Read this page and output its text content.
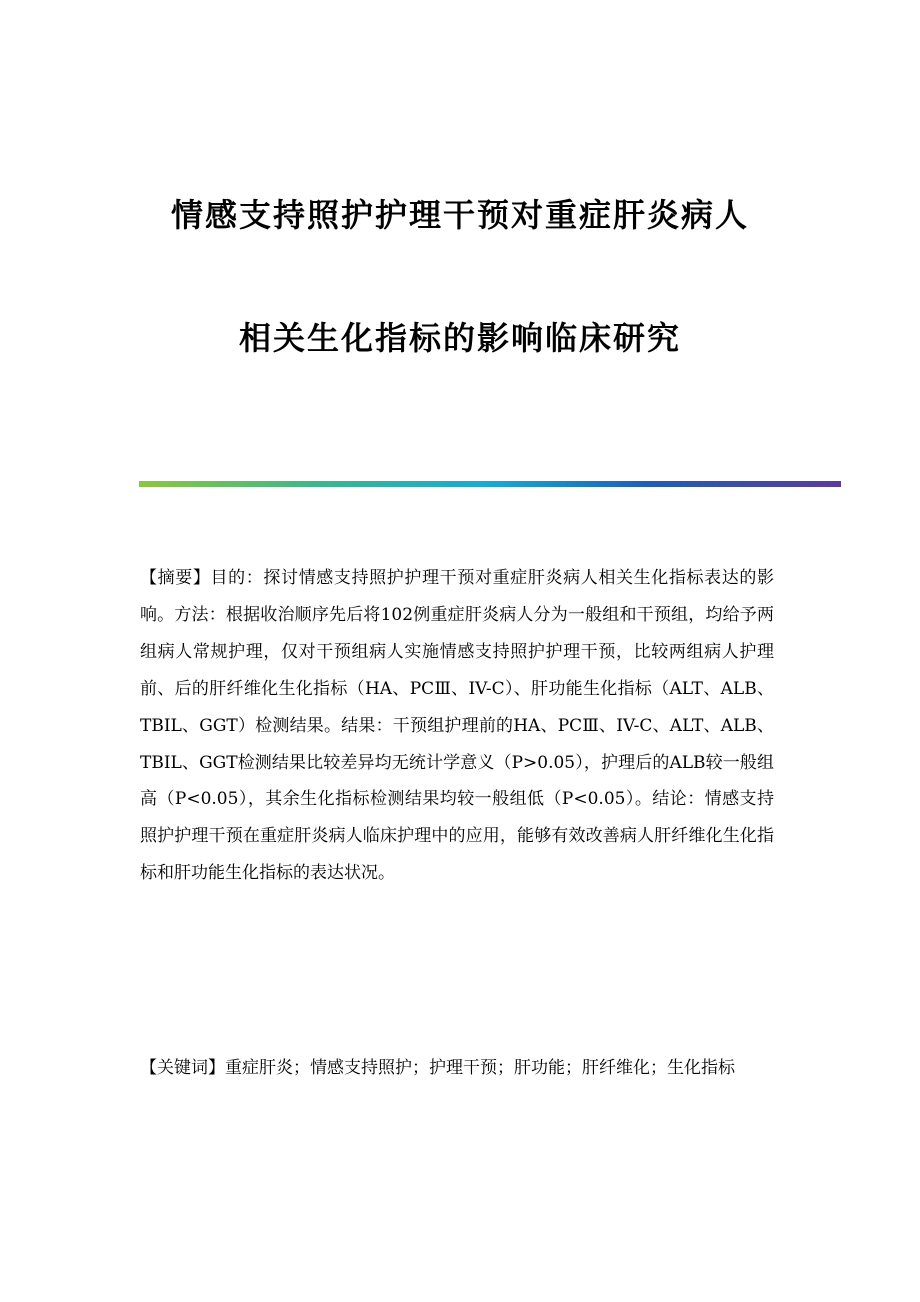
情感支持照护护理干预对重症肝炎病人
相关生化指标的影响临床研究

【摘要】目的：探讨情感支持照护护理干预对重症肝炎病人相关生化指标表达的影响。方法：根据收治顺序先后将102例重症肝炎病人分为一般组和干预组，均给予两组病人常规护理，仅对干预组病人实施情感支持照护护理干预，比较两组病人护理前、后的肝纤维化生化指标（HA、PCⅢ、IV-C）、肝功能生化指标（ALT、ALB、TBIL、GGT）检测结果。结果：干预组护理前的HA、PCⅢ、IV-C、ALT、ALB、TBIL、GGT检测结果比较差异均无统计学意义（P>0.05），护理后的ALB较一般组高（P<0.05），其余生化指标检测结果均较一般组低（P<0.05）。结论：情感支持照护护理干预在重症肝炎病人临床护理中的应用，能够有效改善病人肝纤维化生化指标和肝功能生化指标的表达状况。

【关键词】重症肝炎；情感支持照护；护理干预；肝功能；肝纤维化；生化指标
